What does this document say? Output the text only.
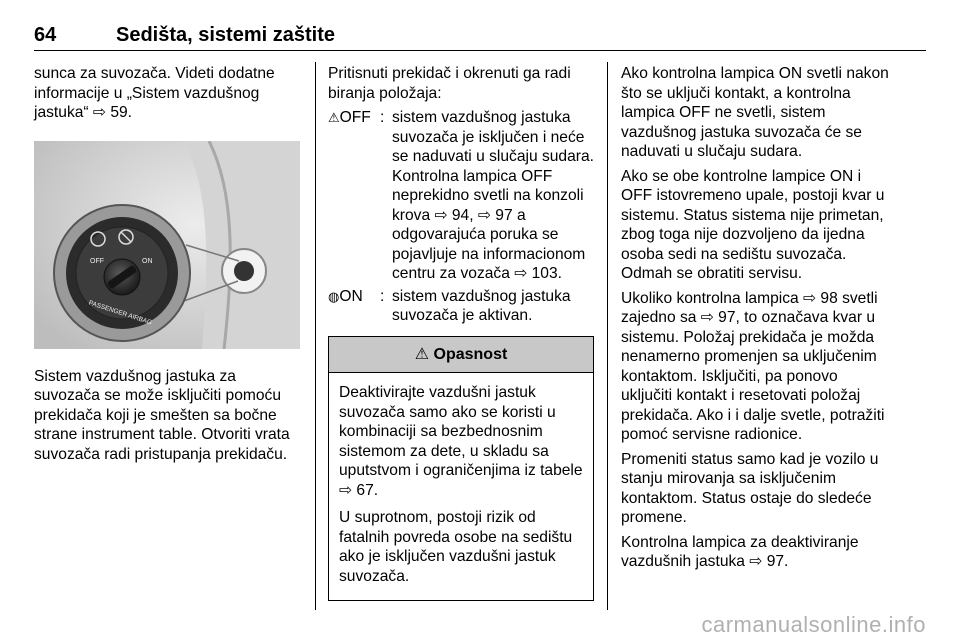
64	Sedišta, sistemi zaštite

sunca za suvozača. Videti dodatne informacije u „Sistem vazdušnog jastuka“ ⇨ 59.

OFF	ON
PASSENGER AIRBAG

Sistem vazdušnog jastuka za suvozača se može isključiti pomoću prekidača koji je smešten sa bočne strane instrument table. Otvoriti vrata suvozača radi pristupanja prekidaču.

Pritisnuti prekidač i okrenuti ga radi biranja položaja:

⚠OFF : sistem vazdušnog jastuka suvozača je isključen i neće se naduvati u slučaju sudara. Kontrolna lampica OFF neprekidno svetli na konzoli krova ⇨ 94, ⇨ 97 a odgovarajuća poruka se pojavljuje na informacionom centru za vozača ⇨ 103.
◍ON	: sistem vazdušnog jastuka suvozača je aktivan.
⚠ Opasnost

Deaktivirajte vazdušni jastuk suvozača samo ako se koristi u kombinaciji sa bezbednosnim sistemom za dete, u skladu sa uputstvom i ograničenjima iz tabele ⇨ 67.

U suprotnom, postoji rizik od fatalnih povreda osobe na sedištu ako je isključen vazdušni jastuk suvozača.

Ako kontrolna lampica ON svetli nakon što se uključi kontakt, a kontrolna lampica OFF ne svetli, sistem vazdušnog jastuka suvozača će se naduvati u slučaju sudara.

Ako se obe kontrolne lampice ON i OFF istovremeno upale, postoji kvar u sistemu. Status sistema nije primetan, zbog toga nije dozvoljeno da ijedna osoba sedi na sedištu suvozača. Odmah se obratiti servisu.

Ukoliko kontrolna lampica ⇨ 98 svetli zajedno sa ⇨ 97, to označava kvar u sistemu. Položaj prekidača je možda nenamerno promenjen sa uključenim kontaktom. Isključiti, pa ponovo uključiti kontakt i resetovati položaj prekidača. Ako i i dalje svetle, potražiti pomoć servisne radionice.

Promeniti status samo kad je vozilo u stanju mirovanja sa isključenim kontaktom. Status ostaje do sledeće promene.

Kontrolna lampica za deaktiviranje vazdušnih jastuka ⇨ 97.

carmanualsonline.info
